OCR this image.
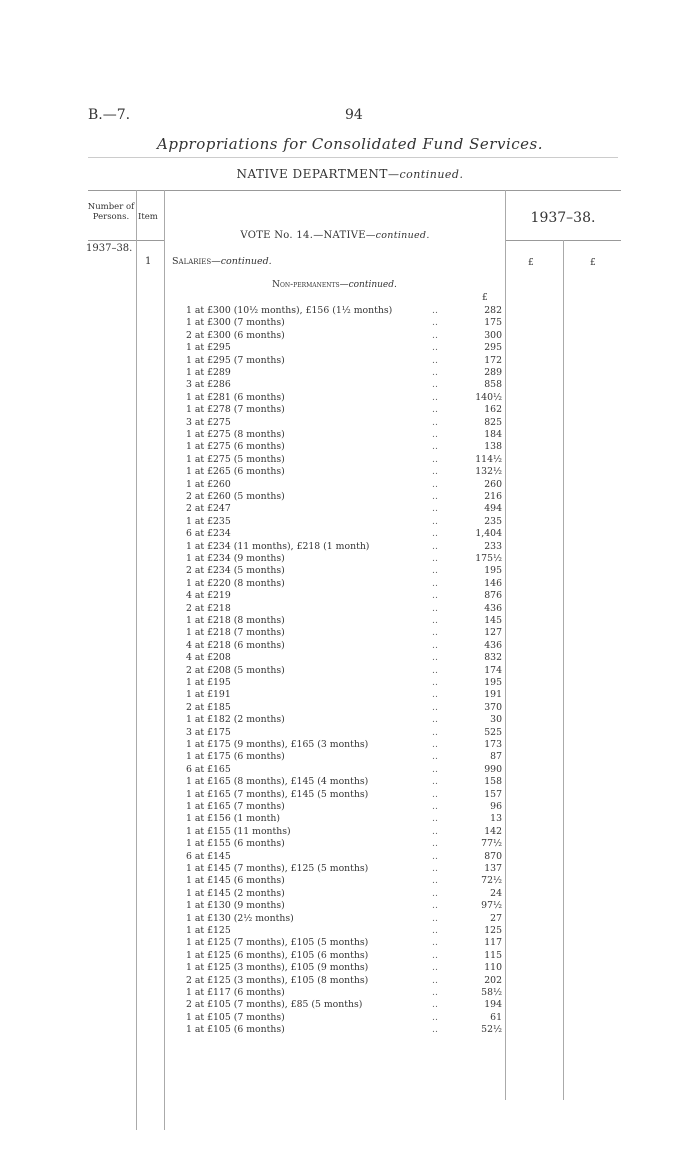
B.—7.	94
Appropriations for Consolidated Fund Services.
NATIVE DEPARTMENT—continued.
Number of Persons.	Item	1937–38.
VOTE No. 14.—NATIVE—continued.
1937–38.
1 Salaries—continued.	£	£
Non-permanents—continued.
£
1 at £300 (10½ months), £156 (1½ months)	..	282
1 at £300 (7 months)	..	175
2 at £300 (6 months)	..	300
1 at £295	..	295
1 at £295 (7 months)	..	172
1 at £289	..	289
3 at £286	..	858
1 at £281 (6 months)	..	140½
1 at £278 (7 months)	..	162
3 at £275	..	825
1 at £275 (8 months)	..	184
1 at £275 (6 months)	..	138
1 at £275 (5 months)	..	114½
1 at £265 (6 months)	..	132½
1 at £260	..	260
2 at £260 (5 months)	..	216
2 at £247	..	494
1 at £235	..	235
6 at £234	..	1,404
1 at £234 (11 months), £218 (1 month)	..	233
1 at £234 (9 months)	..	175½
2 at £234 (5 months)	..	195
1 at £220 (8 months)	..	146
4 at £219	..	876
2 at £218	..	436
1 at £218 (8 months)	..	145
1 at £218 (7 months)	..	127
4 at £218 (6 months)	..	436
4 at £208	..	832
2 at £208 (5 months)	..	174
1 at £195	..	195
1 at £191	..	191
2 at £185	..	370
1 at £182 (2 months)	..	30
3 at £175	..	525
1 at £175 (9 months), £165 (3 months)	..	173
1 at £175 (6 months)	..	87
6 at £165	..	990
1 at £165 (8 months), £145 (4 months)	..	158
1 at £165 (7 months), £145 (5 months)	..	157
1 at £165 (7 months)	..	96
1 at £156 (1 month)	..	13
1 at £155 (11 months)	..	142
1 at £155 (6 months)	..	77½
6 at £145	..	870
1 at £145 (7 months), £125 (5 months)	..	137
1 at £145 (6 months)	..	72½
1 at £145 (2 months)	..	24
1 at £130 (9 months)	..	97½
1 at £130 (2½ months)	..	27
1 at £125	..	125
1 at £125 (7 months), £105 (5 months)	..	117
1 at £125 (6 months), £105 (6 months)	..	115
1 at £125 (3 months), £105 (9 months)	..	110
2 at £125 (3 months), £105 (8 months)	..	202
1 at £117 (6 months)	..	58½
2 at £105 (7 months), £85 (5 months)	..	194
1 at £105 (7 months)	..	61
1 at £105 (6 months)	..	52½
